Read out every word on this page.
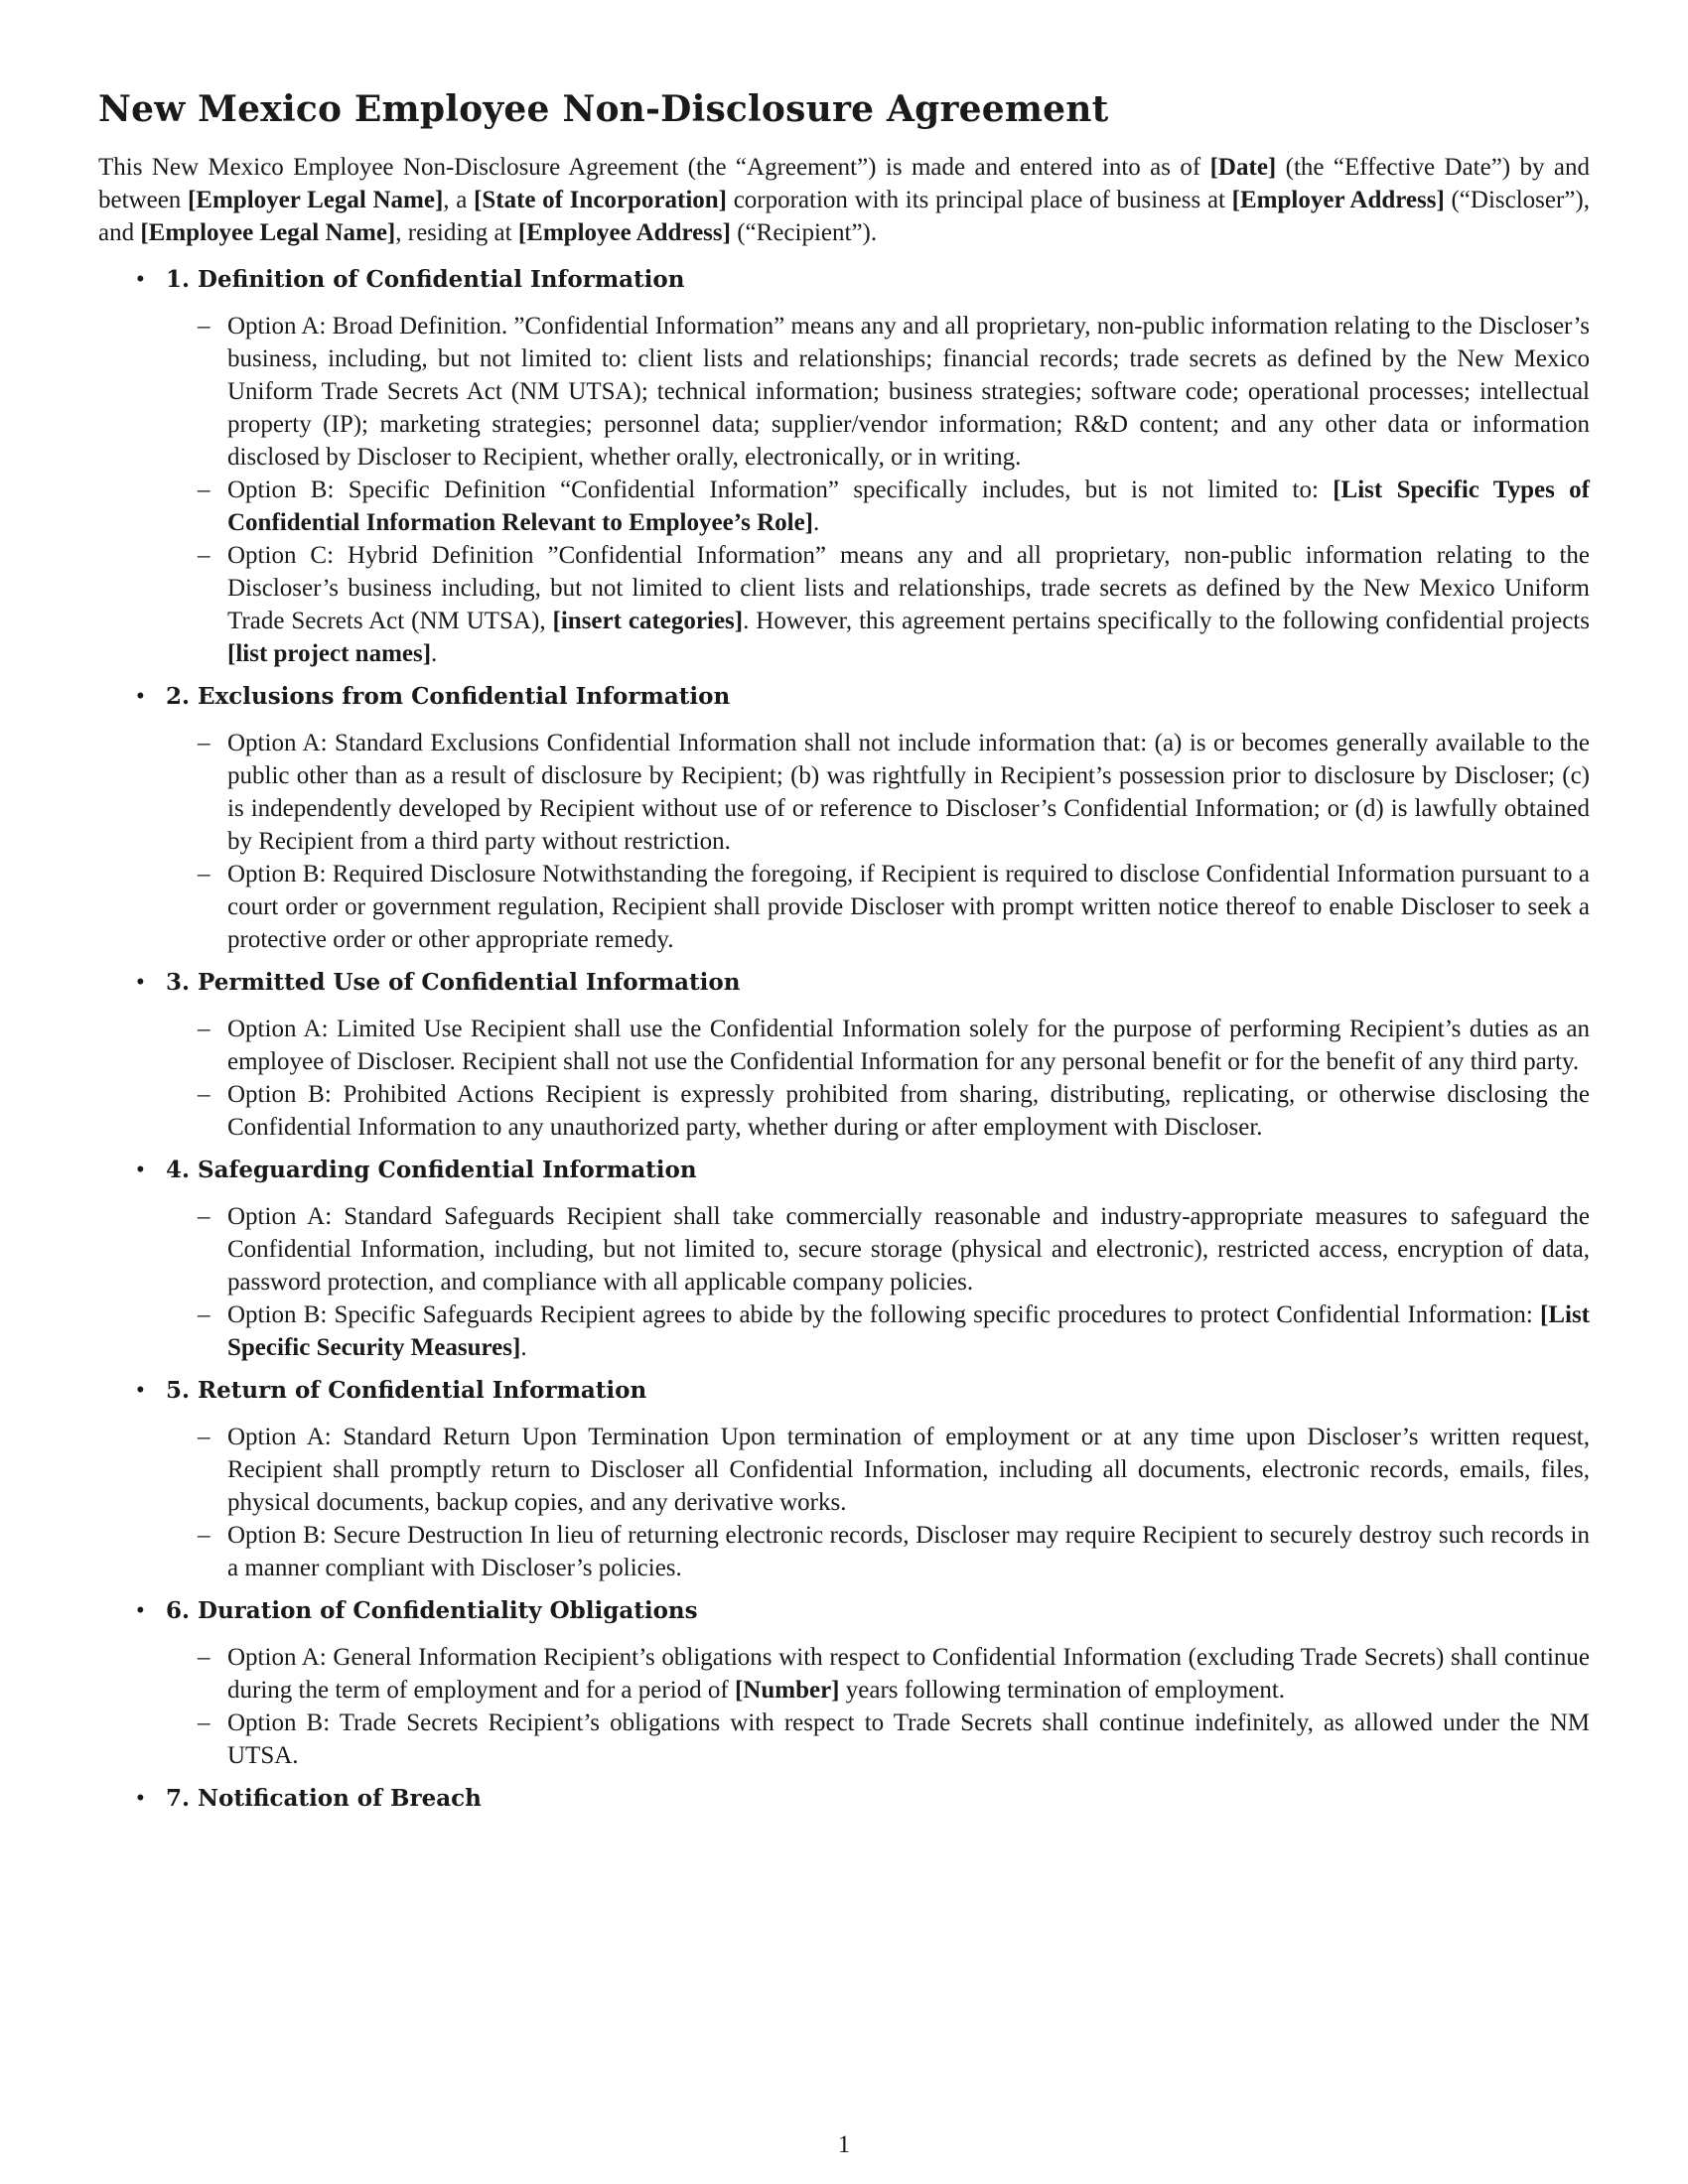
New Mexico Employee Non-Disclosure Agreement

This New Mexico Employee Non-Disclosure Agreement (the “Agreement”) is made and entered into as of [Date] (the “Effective Date”) by and between [Employer Legal Name], a [State of Incorporation] corporation with its principal place of business at [Employer Address] (“Discloser”), and [Employee Legal Name], residing at [Employee Address] (“Recipient”).

• 1. Definition of Confidential Information
– Option A: Broad Definition. ”Confidential Information” means any and all proprietary, non-public information relating to the Discloser’s business, including, but not limited to: client lists and relationships; financial records; trade secrets as defined by the New Mexico Uniform Trade Secrets Act (NM UTSA); technical information; business strategies; software code; operational processes; intellectual property (IP); marketing strategies; personnel data; supplier/vendor information; R&D content; and any other data or information disclosed by Discloser to Recipient, whether orally, electronically, or in writing.
– Option B: Specific Definition “Confidential Information” specifically includes, but is not limited to: [List Specific Types of Confidential Information Relevant to Employee’s Role].
– Option C: Hybrid Definition ”Confidential Information” means any and all proprietary, non-public information relating to the Discloser’s business including, but not limited to client lists and relationships, trade secrets as defined by the New Mexico Uniform Trade Secrets Act (NM UTSA), [insert categories]. However, this agreement pertains specifically to the following confidential projects [list project names].
• 2. Exclusions from Confidential Information
– Option A: Standard Exclusions Confidential Information shall not include information that: (a) is or becomes generally available to the public other than as a result of disclosure by Recipient; (b) was rightfully in Recipient’s possession prior to disclosure by Discloser; (c) is independently developed by Recipient without use of or reference to Discloser’s Confidential Information; or (d) is lawfully obtained by Recipient from a third party without restriction.
– Option B: Required Disclosure Notwithstanding the foregoing, if Recipient is required to disclose Confidential Information pursuant to a court order or government regulation, Recipient shall provide Discloser with prompt written notice thereof to enable Discloser to seek a protective order or other appropriate remedy.
• 3. Permitted Use of Confidential Information
– Option A: Limited Use Recipient shall use the Confidential Information solely for the purpose of performing Recipient’s duties as an employee of Discloser. Recipient shall not use the Confidential Information for any personal benefit or for the benefit of any third party.
– Option B: Prohibited Actions Recipient is expressly prohibited from sharing, distributing, replicating, or otherwise disclosing the Confidential Information to any unauthorized party, whether during or after employment with Discloser.
• 4. Safeguarding Confidential Information
– Option A: Standard Safeguards Recipient shall take commercially reasonable and industry-appropriate measures to safeguard the Confidential Information, including, but not limited to, secure storage (physical and electronic), restricted access, encryption of data, password protection, and compliance with all applicable company policies.
– Option B: Specific Safeguards Recipient agrees to abide by the following specific procedures to protect Confidential Information: [List Specific Security Measures].
• 5. Return of Confidential Information
– Option A: Standard Return Upon Termination Upon termination of employment or at any time upon Discloser’s written request, Recipient shall promptly return to Discloser all Confidential Information, including all documents, electronic records, emails, files, physical documents, backup copies, and any derivative works.
– Option B: Secure Destruction In lieu of returning electronic records, Discloser may require Recipient to securely destroy such records in a manner compliant with Discloser’s policies.
• 6. Duration of Confidentiality Obligations
– Option A: General Information Recipient’s obligations with respect to Confidential Information (excluding Trade Secrets) shall continue during the term of employment and for a period of [Number] years following termination of employment.
– Option B: Trade Secrets Recipient’s obligations with respect to Trade Secrets shall continue indefinitely, as allowed under the NM UTSA.
• 7. Notification of Breach
1
